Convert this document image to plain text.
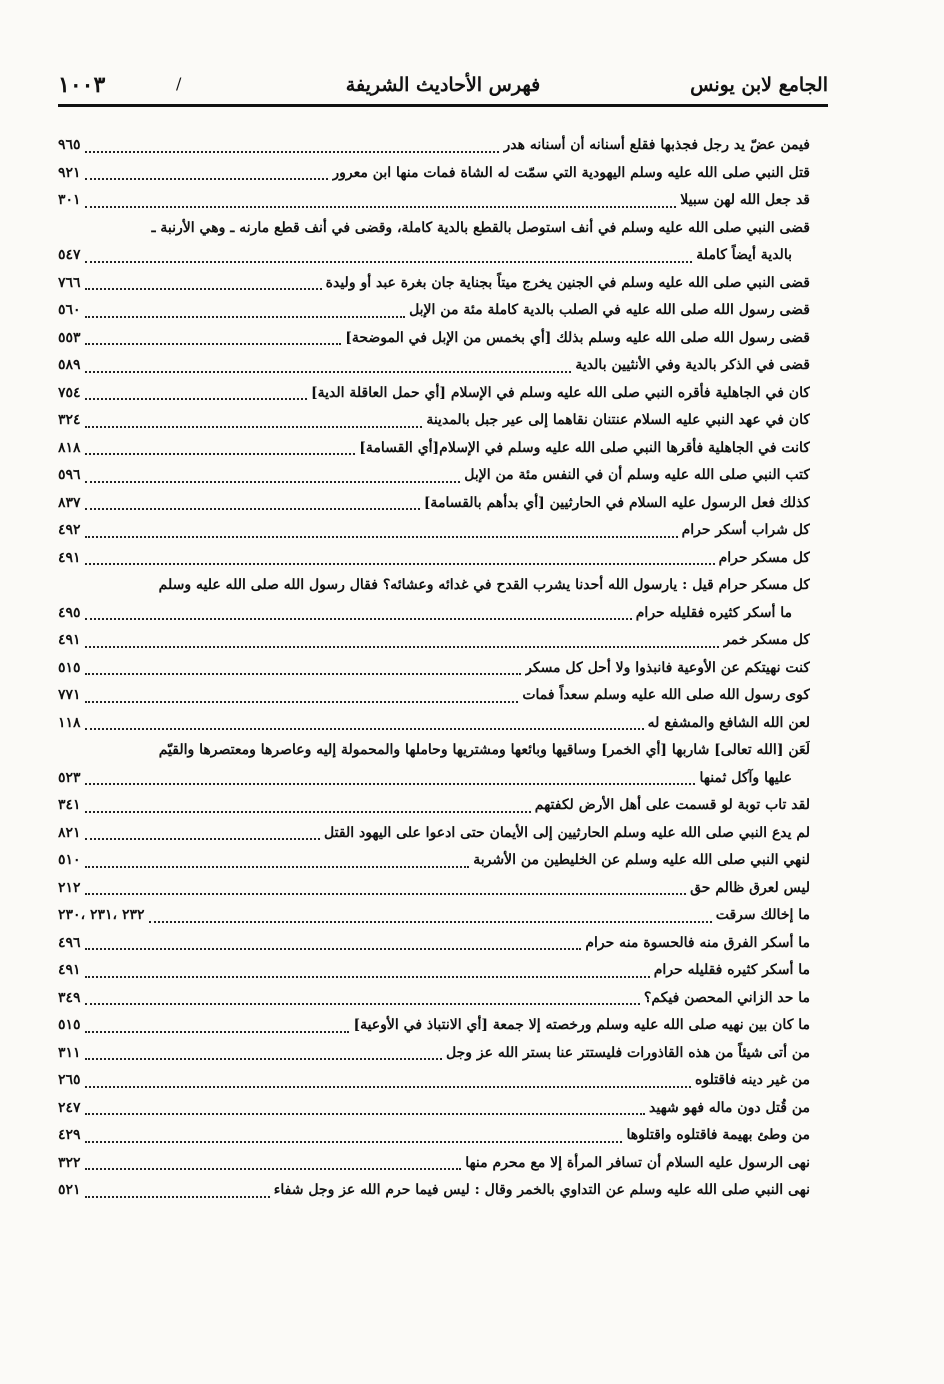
الجامع لابن يونس
فهرس الأحاديث الشريفة
/
١٠٠٣
فيمن عضّ يد رجل فجذبها فقلع أسنانه أن أسنانه هدر
٩٦٥
قتل النبي صلى الله عليه وسلم اليهودية التي سمّت له الشاة فمات منها ابن معرور
٩٢١
قد جعل الله لهن سبيلا
٣٠١
قضى النبي صلى الله عليه وسلم في أنف استوصل بالقطع بالدية كاملة، وقضى في أنف قطع مارنه ـ وهي الأرنبة ـ
بالدية أيضاً كاملة
٥٤٧
قضى النبي صلى الله عليه وسلم في الجنين يخرج ميتاً بجناية جان بغرة عبد أو وليدة
٧٦٦
قضى رسول الله صلى الله عليه في الصلب بالدية كاملة مئة من الإبل
٥٦٠
قضى رسول الله صلى الله عليه وسلم بذلك [أي بخمس من الإبل في الموضحة]
٥٥٣
قضى في الذكر بالدية وفي الأنثيين بالدية
٥٨٩
كان في الجاهلية فأقره النبي صلى الله عليه وسلم في الإسلام [أي حمل العاقلة الدية]
٧٥٤
كان في عهد النبي عليه السلام عنتنان نقاهما إلى عير جبل بالمدينة
٣٢٤
كانت في الجاهلية فأقرها النبي صلى الله عليه وسلم في الإسلام[أي القسامة]
٨١٨
كتب النبي صلى الله عليه وسلم أن في النفس مئة من الإبل
٥٩٦
كذلك فعل الرسول عليه السلام في الحارثيين [أي بدأهم بالقسامة]
٨٣٧
كل شراب أسكر حرام
٤٩٢
كل مسكر حرام
٤٩١
كل مسكر حرام قيل : يارسول الله أحدنا يشرب القدح في غدائه وعشائه؟ فقال رسول الله صلى الله عليه وسلم
ما أسكر كثيره فقليله حرام
٤٩٥
كل مسكر خمر
٤٩١
كنت نهيتكم عن الأوعية فانبذوا ولا أحل كل مسكر
٥١٥
كوى رسول الله صلى الله عليه وسلم سعداً فمات
٧٧١
لعن الله الشافع والمشفع له
١١٨
لَعَن [الله تعالى] شاربها [أي الخمر] وساقيها وبائعها ومشتريها وحاملها والمحمولة إليه وعاصرها ومعتصرها والقيّم
عليها وآكل ثمنها
٥٢٣
لقد تاب توبة لو قسمت على أهل الأرض لكفتهم
٣٤١
لم يدع النبي صلى الله عليه وسلم الحارثيين إلى الأيمان حتى ادعوا على اليهود القتل
٨٢١
لنهي النبي صلى الله عليه وسلم عن الخليطين من الأشربة
٥١٠
ليس لعرق ظالم حق
٢١٢
ما إخالك سرقت
٢٣٢ ،٢٣١ ،٢٣٠
ما أسكر الفرق منه فالحسوة منه حرام
٤٩٦
ما أسكر كثيره فقليله حرام
٤٩١
ما حد الزاني المحصن فيكم؟
٣٤٩
ما كان بين نهيه صلى الله عليه وسلم ورخصته إلا جمعة [أي الانتباذ في الأوعية]
٥١٥
من أتى شيئاً من هذه القاذورات فليستتر عنا بستر الله عز وجل
٣١١
من غير دينه فاقتلوه
٢٦٥
من قُتل دون ماله فهو شهيد
٢٤٧
من وطئ بهيمة فاقتلوه واقتلوها
٤٢٩
نهى الرسول عليه السلام أن تسافر المرأة إلا مع محرم منها
٣٢٢
نهى النبي صلى الله عليه وسلم عن التداوي بالخمر وقال : ليس فيما حرم الله عز وجل شفاء
٥٢١
